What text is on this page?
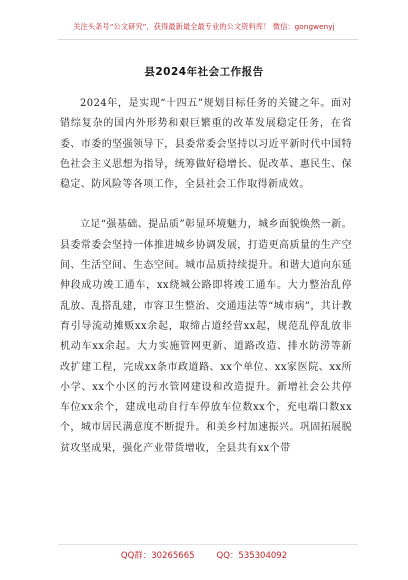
关注头条号“公文研究”，获得最新最全最专业的公文资料库！ 微信：gongwenyj
县2024年社会工作报告

2024年，是实现“十四五”规划目标任务的关键之年。面对错综复杂的国内外形势和艰巨繁重的改革发展稳定任务，在省委、市委的坚强领导下，县委常委会坚持以习近平新时代中国特色社会主义思想为指导，统筹做好稳增长、促改革、惠民生、保稳定、防风险等各项工作，全县社会工作取得新成效。

立足“强基础、提品质”彰显环境魅力，城乡面貌焕然一新。县委常委会坚持一体推进城乡协调发展，打造更高质量的生产空间、生活空间、生态空间。城市品质持续提升。和谐大道向东延伸段成功竣工通车，xx绕城公路即将竣工通车。大力整治乱停乱放、乱搭乱建，市容卫生整治、交通违法等“城市病”，共计教育引导流动摊贩xx余起，取缔占道经营xx起，规范乱停乱放非机动车xx余起。大力实施管网更新、道路改造、排水防涝等新改扩建工程，完成xx条市政道路、xx个单位、xx家医院、xx所小学、xx个小区的污水管网建设和改造提升。新增社会公共停车位xx余个，建成电动自行车停放车位数xx个，充电端口数xx个，城市居民满意度不断提升。和美乡村加速振兴。巩固拓展脱贫攻坚成果，强化产业带货增收，全县共有xx个带

QQ群：30265665	QQ：535304092
